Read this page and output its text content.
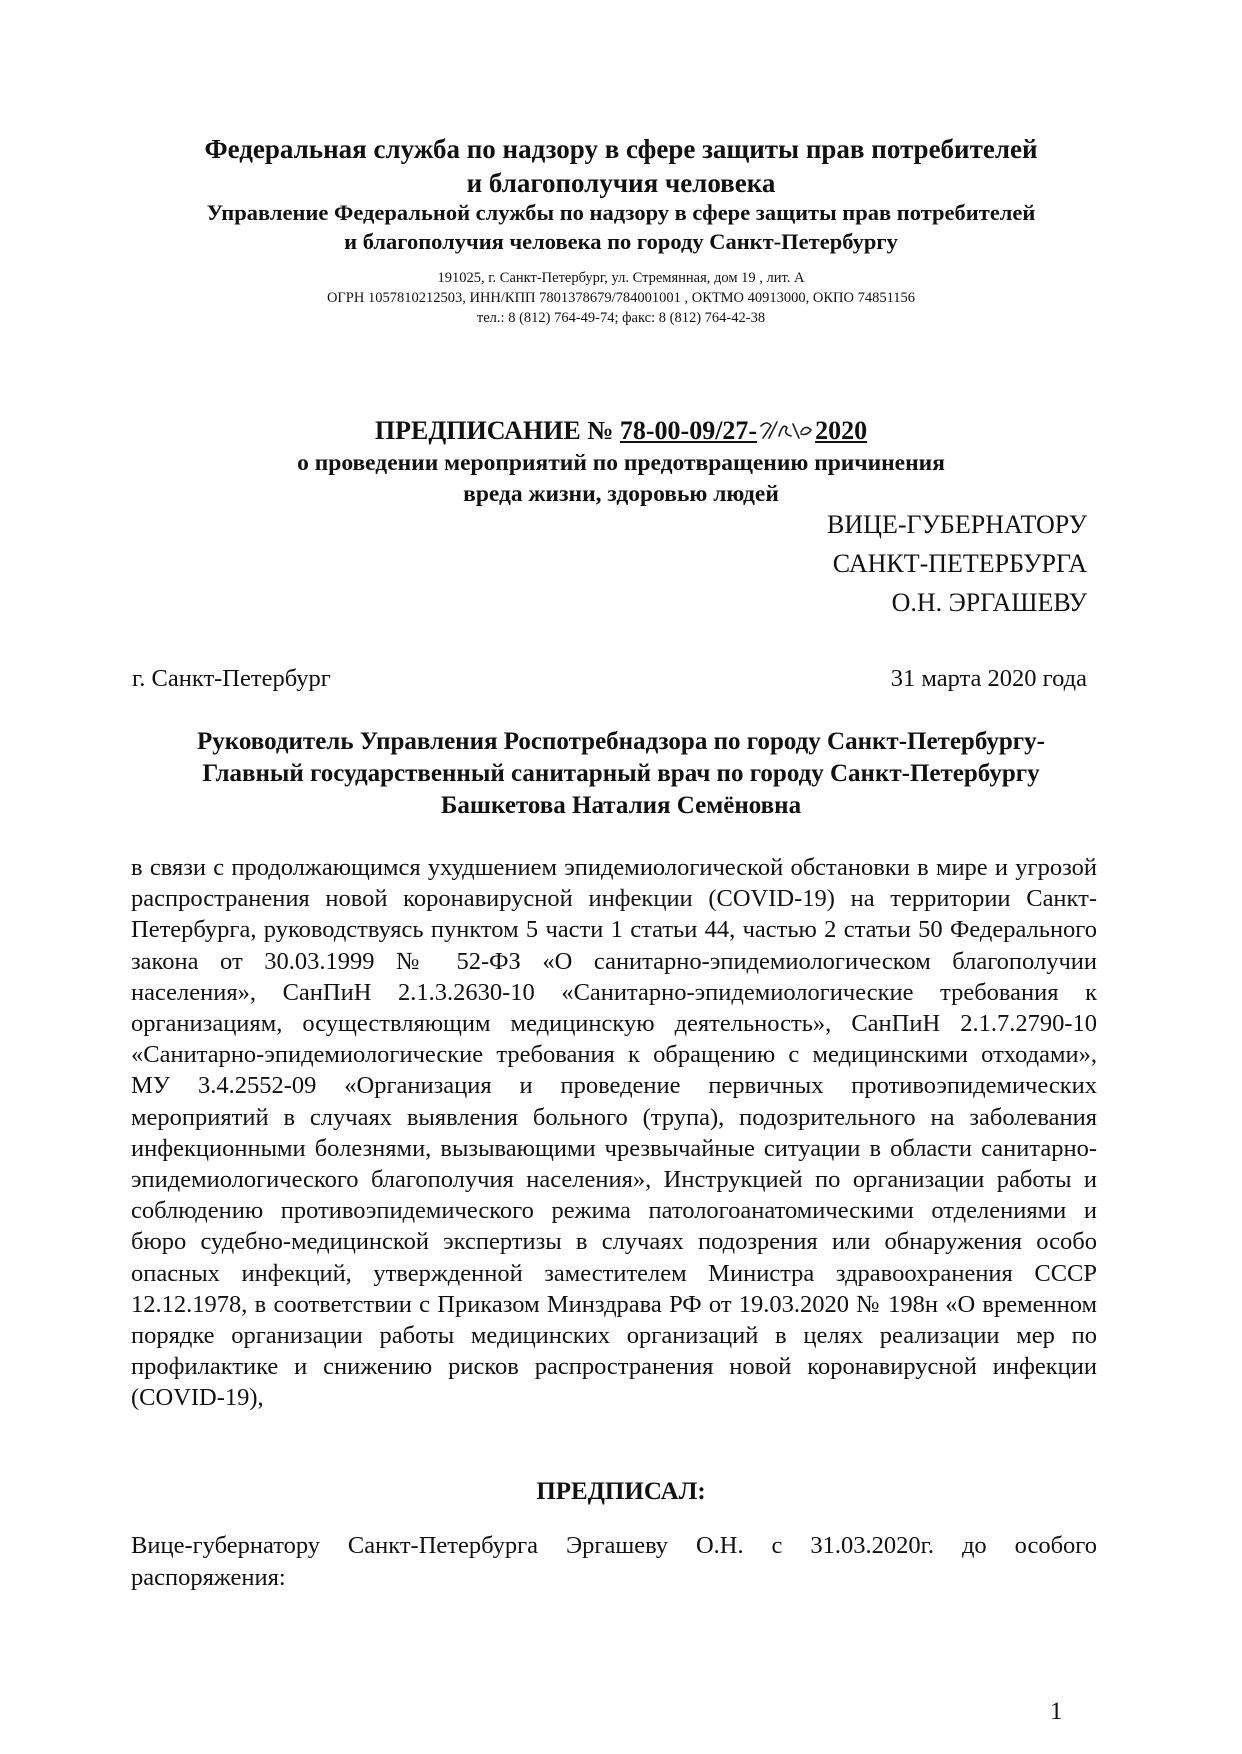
Федеральная служба по надзору в сфере защиты прав потребителей
и благополучия человека
Управление Федеральной службы по надзору в сфере защиты прав потребителей
и благополучия человека по городу Санкт-Петербургу
191025, г. Санкт-Петербург, ул. Стремянная, дом 19 , лит. А
ОГРН 1057810212503, ИНН/КПП 7801378679/784001001 , ОКТМО 40913000, ОКПО 74851156
тел.: 8 (812) 764-49-74; факс: 8 (812) 764-42-38
ПРЕДПИСАНИЕ № 78-00-09/27- 2020
о проведении мероприятий по предотвращению причинения
вреда жизни, здоровью людей
ВИЦЕ-ГУБЕРНАТОРУ
САНКТ-ПЕТЕРБУРГА
О.Н. ЭРГАШЕВУ
г. Санкт-Петербург	31 марта 2020 года
Руководитель Управления Роспотребнадзора по городу Санкт-Петербургу-
Главный государственный санитарный врач по городу Санкт-Петербургу
Башкетова Наталия Семёновна
в связи с продолжающимся ухудшением эпидемиологической обстановки в мире и угрозой распространения новой коронавирусной инфекции (COVID-19) на территории Санкт-Петербурга, руководствуясь пунктом 5 части 1 статьи 44, частью 2 статьи 50 Федерального закона от 30.03.1999 № 52-ФЗ «О санитарно-эпидемиологическом благополучии населения», СанПиН 2.1.3.2630-10 «Санитарно-эпидемиологические требования к организациям, осуществляющим медицинскую деятельность», СанПиН 2.1.7.2790-10 «Санитарно-эпидемиологические требования к обращению с медицинскими отходами», МУ 3.4.2552-09 «Организация и проведение первичных противоэпидемических мероприятий в случаях выявления больного (трупа), подозрительного на заболевания инфекционными болезнями, вызывающими чрезвычайные ситуации в области санитарно-эпидемиологического благополучия населения», Инструкцией по организации работы и соблюдению противоэпидемического режима патологоанатомическими отделениями и бюро судебно-медицинской экспертизы в случаях подозрения или обнаружения особо опасных инфекций, утвержденной заместителем Министра здравоохранения СССР 12.12.1978, в соответствии с Приказом Минздрава РФ от 19.03.2020 № 198н «О временном порядке организации работы медицинских организаций в целях реализации мер по профилактике и снижению рисков распространения новой коронавирусной инфекции (COVID-19),
ПРЕДПИСАЛ:
Вице-губернатору Санкт-Петербурга Эргашеву О.Н. с 31.03.2020г. до особого распоряжения:
1
